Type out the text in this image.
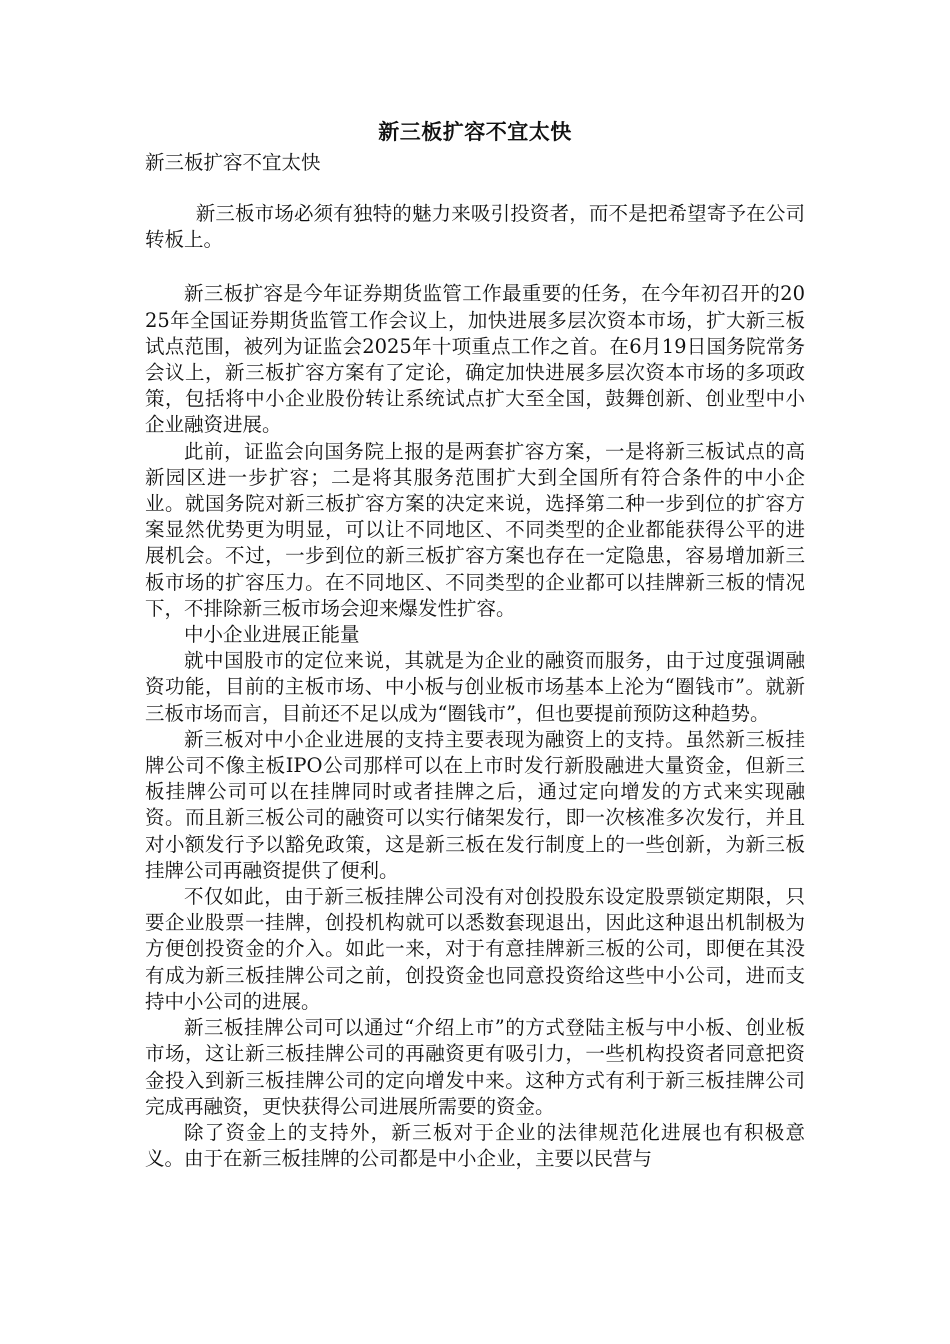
新三板扩容不宜太快

新三板扩容不宜太快

新三板市场必须有独特的魅力来吸引投资者，而不是把希望寄予在公司转板上。

新三板扩容是今年证券期货监管工作最重要的任务，在今年初召开的2025年全国证券期货监管工作会议上，加快进展多层次资本市场，扩大新三板试点范围，被列为证监会2025年十项重点工作之首。在6月19日国务院常务会议上，新三板扩容方案有了定论，确定加快进展多层次资本市场的多项政策，包括将中小企业股份转让系统试点扩大至全国，鼓舞创新、创业型中小企业融资进展。

此前，证监会向国务院上报的是两套扩容方案，一是将新三板试点的高新园区进一步扩容；二是将其服务范围扩大到全国所有符合条件的中小企业。就国务院对新三板扩容方案的决定来说，选择第二种一步到位的扩容方案显然优势更为明显，可以让不同地区、不同类型的企业都能获得公平的进展机会。不过，一步到位的新三板扩容方案也存在一定隐患，容易增加新三板市场的扩容压力。在不同地区、不同类型的企业都可以挂牌新三板的情况下，不排除新三板市场会迎来爆发性扩容。

中小企业进展正能量

就中国股市的定位来说，其就是为企业的融资而服务，由于过度强调融资功能，目前的主板市场、中小板与创业板市场基本上沦为“圈钱市”。就新三板市场而言，目前还不足以成为“圈钱市”，但也要提前预防这种趋势。

新三板对中小企业进展的支持主要表现为融资上的支持。虽然新三板挂牌公司不像主板IPO公司那样可以在上市时发行新股融进大量资金，但新三板挂牌公司可以在挂牌同时或者挂牌之后，通过定向增发的方式来实现融资。而且新三板公司的融资可以实行储架发行，即一次核准多次发行，并且对小额发行予以豁免政策，这是新三板在发行制度上的一些创新，为新三板挂牌公司再融资提供了便利。

不仅如此，由于新三板挂牌公司没有对创投股东设定股票锁定期限，只要企业股票一挂牌，创投机构就可以悉数套现退出，因此这种退出机制极为方便创投资金的介入。如此一来，对于有意挂牌新三板的公司，即便在其没有成为新三板挂牌公司之前，创投资金也同意投资给这些中小公司，进而支持中小公司的进展。

新三板挂牌公司可以通过“介绍上市”的方式登陆主板与中小板、创业板市场，这让新三板挂牌公司的再融资更有吸引力，一些机构投资者同意把资金投入到新三板挂牌公司的定向增发中来。这种方式有利于新三板挂牌公司完成再融资，更快获得公司进展所需要的资金。

除了资金上的支持外，新三板对于企业的法律规范化进展也有积极意义。由于在新三板挂牌的公司都是中小企业，主要以民营与
